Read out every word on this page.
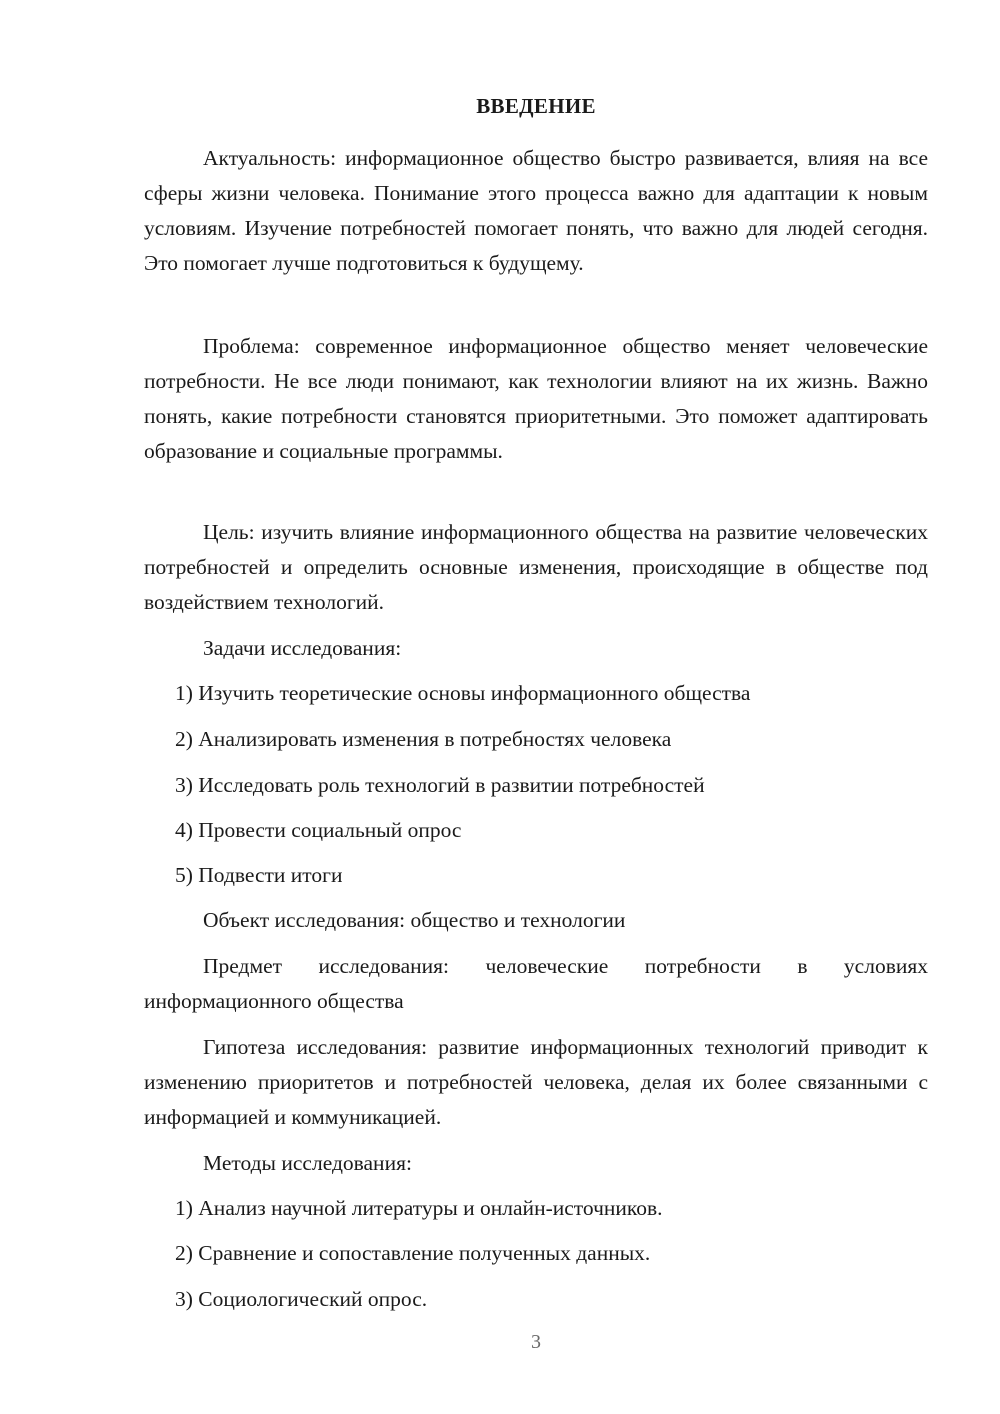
ВВЕДЕНИЕ

Актуальность: информационное общество быстро развивается, влияя на все сферы жизни человека. Понимание этого процесса важно для адаптации к новым условиям. Изучение потребностей помогает понять, что важно для людей сегодня. Это помогает лучше подготовиться к будущему.

Проблема: современное информационное общество меняет человеческие потребности. Не все люди понимают, как технологии влияют на их жизнь. Важно понять, какие потребности становятся приоритетными. Это поможет адаптировать образование и социальные программы.

Цель: изучить влияние информационного общества на развитие человеческих потребностей и определить основные изменения, происходящие в обществе под воздействием технологий.

Задачи исследования:
1) Изучить теоретические основы информационного общества
2) Анализировать изменения в потребностях человека
3) Исследовать роль технологий в развитии потребностей
4) Провести социальный опрос
5) Подвести итоги
Объект исследования: общество и технологии

Предмет исследования: человеческие потребности в условиях информационного общества

Гипотеза исследования: развитие информационных технологий приводит к изменению приоритетов и потребностей человека, делая их более связанными с информацией и коммуникацией.

Методы исследования:
1) Анализ научной литературы и онлайн-источников.
2) Сравнение и сопоставление полученных данных.
3) Социологический опрос.
3
